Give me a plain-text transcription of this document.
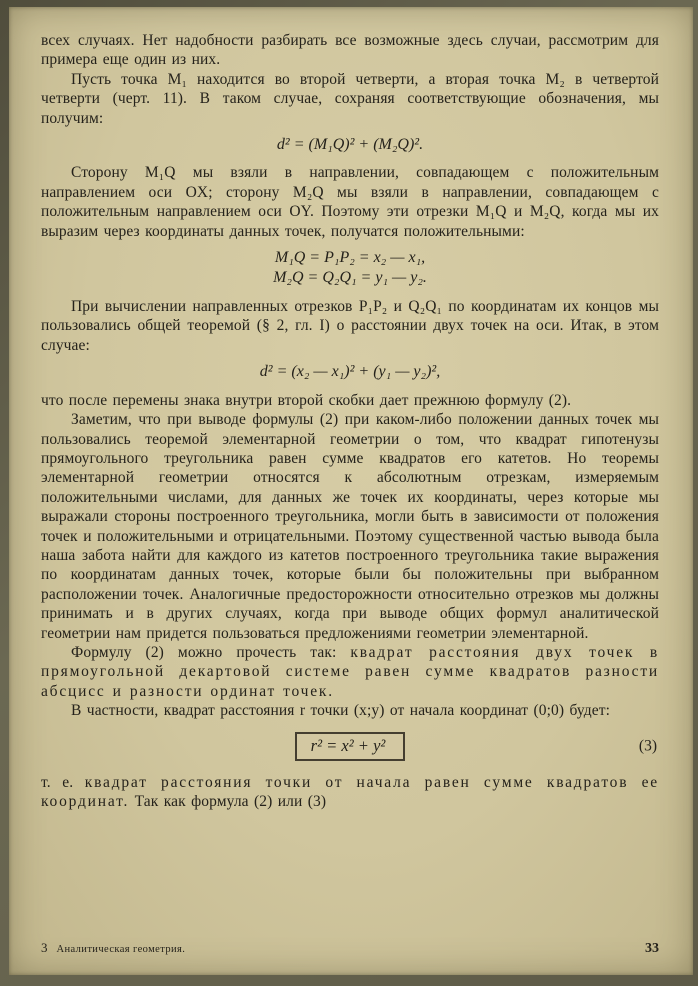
всех случаях. Нет надобности разбирать все возможные здесь случаи, рассмотрим для примера еще один из них.

Пусть точка M₁ находится во второй четверти, а вторая точка M₂ в четвертой четверти (черт. 11). В таком случае, сохраняя соответствующие обозначения, мы получим:

d² = (M₁Q)² + (M₂Q)².

Сторону M₁Q мы взяли в направлении, совпадающем с положительным направлением оси OX; сторону M₂Q мы взяли в направлении, совпадающем с положительным направлением оси OY. Поэтому эти отрезки M₁Q и M₂Q, когда мы их выразим через координаты данных точек, получатся положительными:

M₁Q = P₁P₂ = x₂ — x₁,
M₂Q = Q₂Q₁ = y₁ — y₂.

При вычислении направленных отрезков P₁P₂ и Q₂Q₁ по координатам их концов мы пользовались общей теоремой (§ 2, гл. I) о расстоянии двух точек на оси. Итак, в этом случае:

d² = (x₂ — x₁)² + (y₁ — y₂)²,

что после перемены знака внутри второй скобки дает прежнюю формулу (2).

Заметим, что при выводе формулы (2) при каком-либо положении данных точек мы пользовались теоремой элементарной геометрии о том, что квадрат гипотенузы прямоугольного треугольника равен сумме квадратов его катетов. Но теоремы элементарной геометрии относятся к абсолютным отрезкам, измеряемым положительными числами, для данных же точек их координаты, через которые мы выражали стороны построенного треугольника, могли быть в зависимости от положения точек и положительными и отрицательными. Поэтому существенной частью вывода была наша забота найти для каждого из катетов построенного треугольника такие выражения по координатам данных точек, которые были бы положительны при выбранном расположении точек. Аналогичные предосторожности относительно отрезков мы должны принимать и в других случаях, когда при выводе общих формул аналитической геометрии нам придется пользоваться предложениями геометрии элементарной.

Формулу (2) можно прочесть так: квадрат расстояния двух точек в прямоугольной декартовой системе равен сумме квадратов разности абсцисс и разности ординат точек.

В частности, квадрат расстояния r точки (x;y) от начала координат (0;0) будет:

r² = x² + y²	(3)

т. е. квадрат расстояния точки от начала равен сумме квадратов ее координат. Так как формула (2) или (3)

3 Аналитическая геометрия.	33
